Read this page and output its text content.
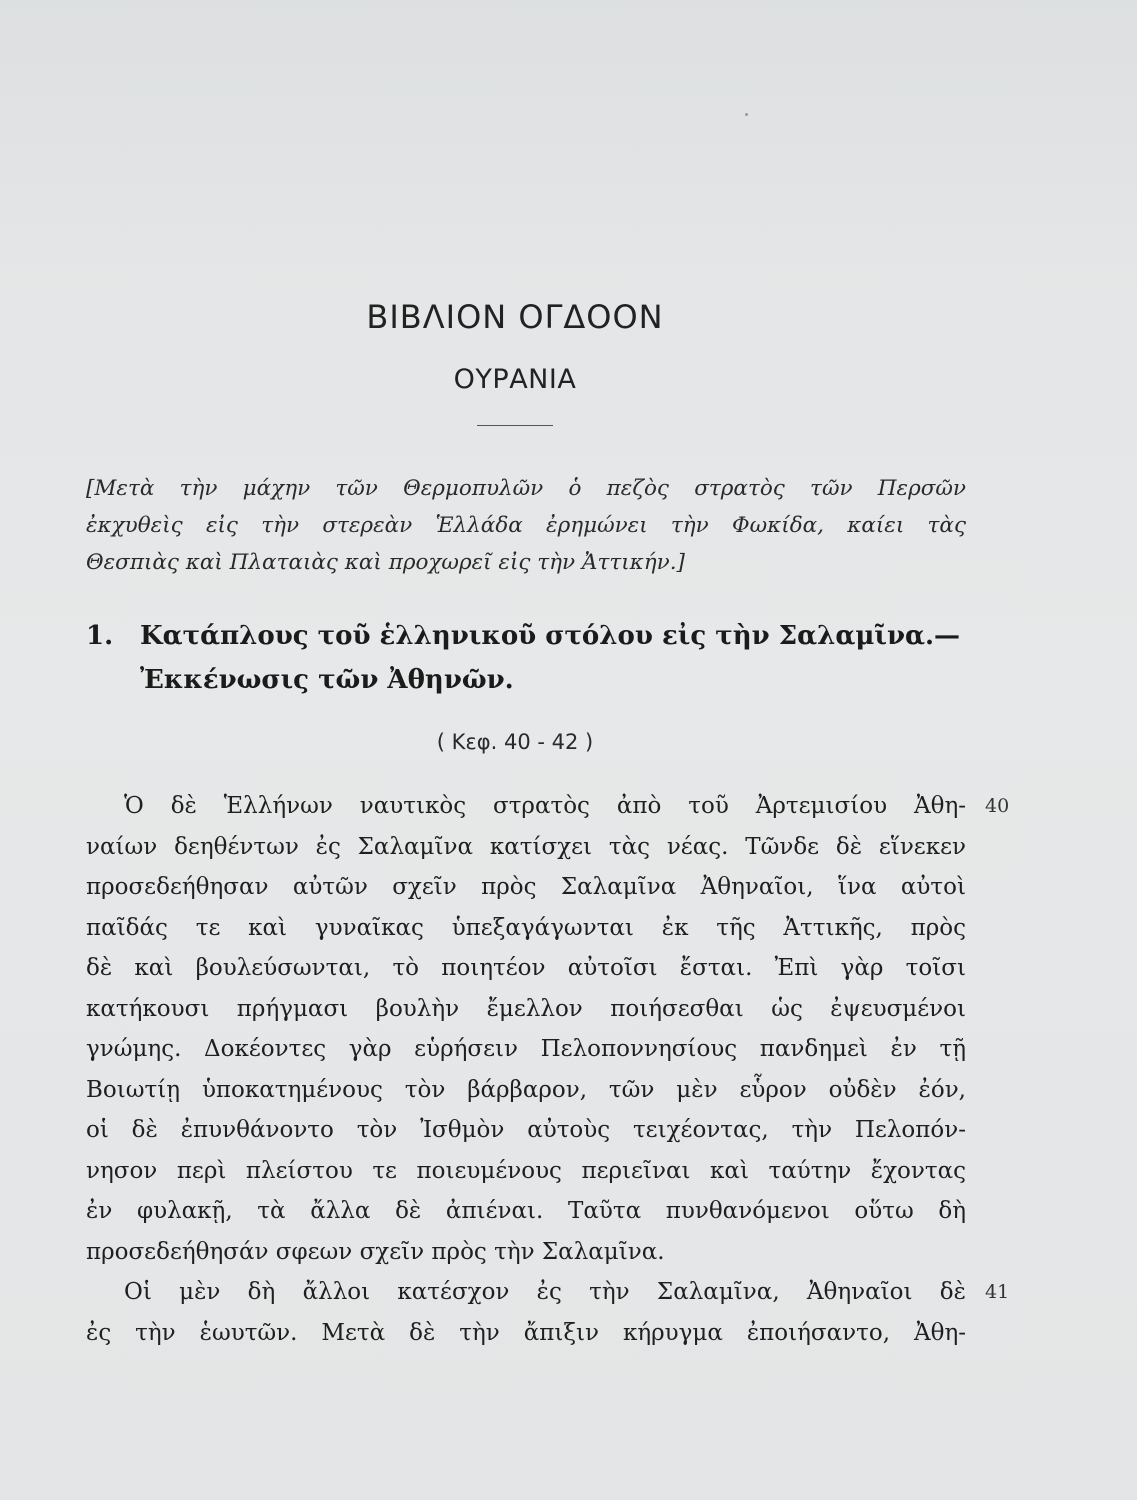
ΒΙΒΛΙΟΝ ΟΓΔΟΟΝ
ΟΥΡΑΝΙΑ

[Μετὰ τὴν μάχην τῶν Θερμοπυλῶν ὁ πεζὸς στρατὸς τῶν Περσῶν
ἐκχυθεὶς εἰς τὴν στερεὰν Ἑλλάδα ἐρημώνει τὴν Φωκίδα, καίει τὰς
Θεσπιὰς καὶ Πλαταιὰς καὶ προχωρεῖ εἰς τὴν Ἀττικήν.]

1. Κατάπλους τοῦ ἑλληνικοῦ στόλου εἰς τὴν Σαλαμῖνα.—
Ἐκκένωσις τῶν Ἀθηνῶν.

( Κεφ. 40 - 42 )

Ὁ δὲ Ἑλλήνων ναυτικὸς στρατὸς ἀπὸ τοῦ Ἀρτεμισίου Ἀθη-
ναίων δεηθέντων ἐς Σαλαμῖνα κατίσχει τὰς νέας. Τῶνδε δὲ εἵνεκεν
προσεδεήθησαν αὐτῶν σχεῖν πρὸς Σαλαμῖνα Ἀθηναῖοι, ἵνα αὐτοὶ
παῖδάς τε καὶ γυναῖκας ὑπεξαγάγωνται ἐκ τῆς Ἀττικῆς, πρὸς
δὲ καὶ βουλεύσωνται, τὸ ποιητέον αὐτοῖσι ἔσται. Ἐπὶ γὰρ τοῖσι
κατήκουσι πρήγμασι βουλὴν ἔμελλον ποιήσεσθαι ὡς ἐψευσμένοι
γνώμης. Δοκέοντες γὰρ εὑρήσειν Πελοποννησίους πανδημεὶ ἐν τῇ
Βοιωτίῃ ὑποκατημένους τὸν βάρβαρον, τῶν μὲν εὗρον οὐδὲν ἐόν,
οἱ δὲ ἐπυνθάνοντο τὸν Ἰσθμὸν αὐτοὺς τειχέοντας, τὴν Πελοπόν-
νησον περὶ πλείστου τε ποιευμένους περιεῖναι καὶ ταύτην ἔχοντας
ἐν φυλακῇ, τὰ ἄλλα δὲ ἀπιέναι. Ταῦτα πυνθανόμενοι οὕτω δὴ
προσεδεήθησάν σφεων σχεῖν πρὸς τὴν Σαλαμῖνα.
Οἱ μὲν δὴ ἄλλοι κατέσχον ἐς τὴν Σαλαμῖνα, Ἀθηναῖοι δὲ
ἐς τὴν ἑωυτῶν. Μετὰ δὲ τὴν ἄπιξιν κήρυγμα ἐποιήσαντο, Ἀθη-
40
41
